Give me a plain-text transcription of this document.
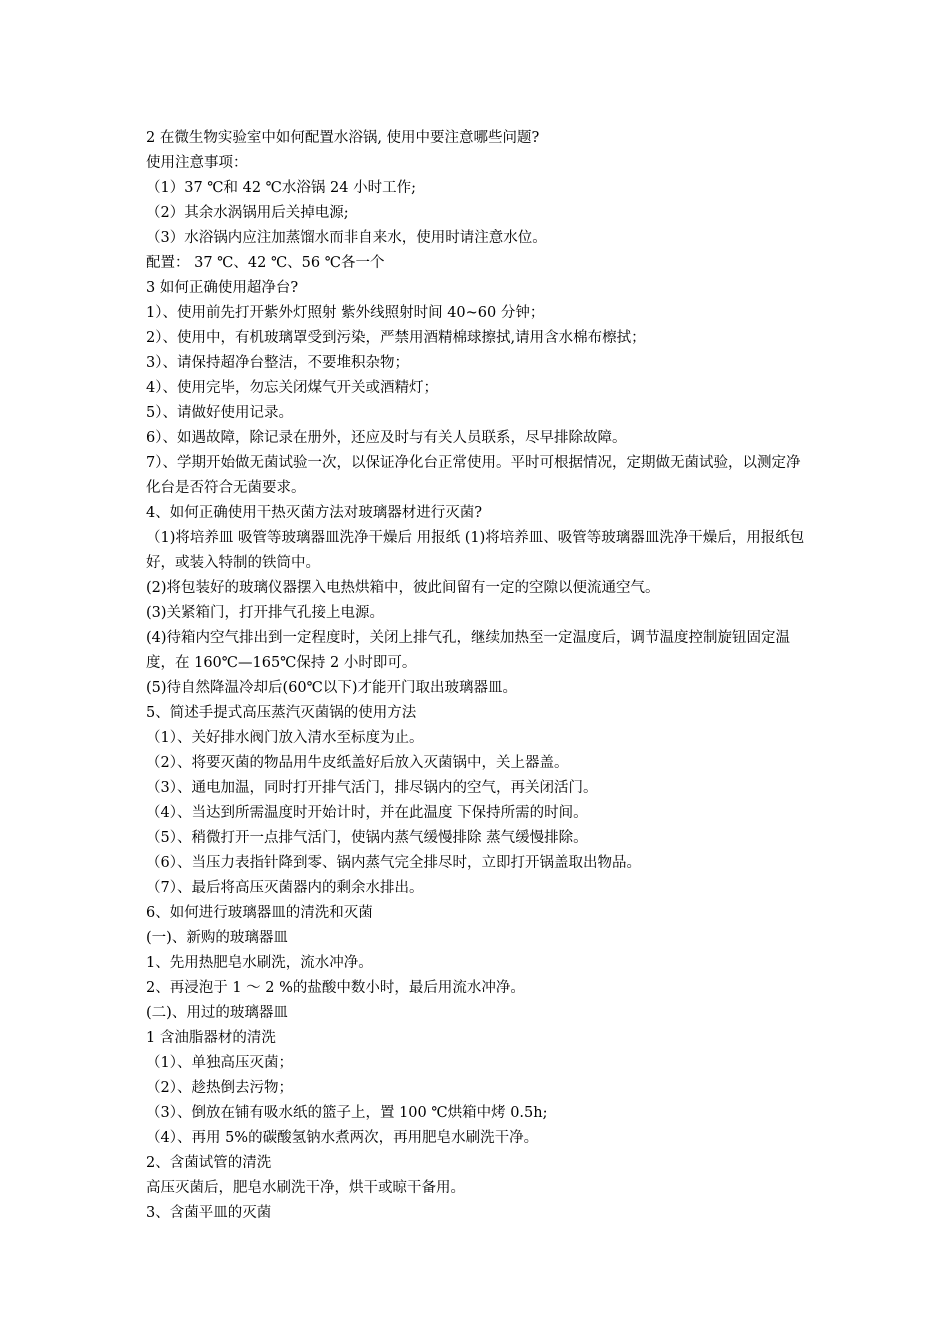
2 在微生物实验室中如何配置水浴锅, 使用中要注意哪些问题?
使用注意事项：
（1）37 ℃和 42 ℃水浴锅 24 小时工作;
（2）其余水涡锅用后关掉电源;
（3）水浴锅内应注加蒸馏水而非自来水，使用时请注意水位。
配置： 37 ℃、42 ℃、56 ℃各一个
3 如何正确使用超净台?
1）、使用前先打开紫外灯照射 紫外线照射时间 40~60 分钟；
2）、使用中，有机玻璃罩受到污染，严禁用酒精棉球擦拭,请用含水棉布檫拭；
3）、请保持超净台整洁，不要堆积杂物；
4）、使用完毕，勿忘关闭煤气开关或酒精灯；
5）、请做好使用记录。
6）、如遇故障，除记录在册外，还应及时与有关人员联系，尽早排除故障。
7）、学期开始做无菌试验一次，以保证净化台正常使用。平时可根据情况，定期做无菌试验，以测定净化台是否符合无菌要求。
4、如何正确使用干热灭菌方法对玻璃器材进行灭菌?
（1)将培养皿 吸管等玻璃器皿洗净干燥后 用报纸 (1)将培养皿、吸管等玻璃器皿洗净干燥后，用报纸包好，或装入特制的铁筒中。
(2)将包装好的玻璃仪器摆入电热烘箱中，彼此间留有一定的空隙以便流通空气。
(3)关紧箱门，打开排气孔接上电源。
(4)待箱内空气排出到一定程度时，关闭上排气孔，继续加热至一定温度后，调节温度控制旋钮固定温度，在 160℃—165℃保持 2 小时即可。
(5)待自然降温冷却后(60℃以下)才能开门取出玻璃器皿。
5、简述手提式高压蒸汽灭菌锅的使用方法
（1）、关好排水阀门放入清水至标度为止。
（2）、将要灭菌的物品用牛皮纸盖好后放入灭菌锅中，关上器盖。
（3）、通电加温，同时打开排气活门，排尽锅内的空气，再关闭活门。
（4）、当达到所需温度时开始计时，并在此温度 下保持所需的时间。
（5）、稍微打开一点排气活门，使锅内蒸气缓慢排除 蒸气缓慢排除。
（6）、当压力表指针降到零、锅内蒸气完全排尽时，立即打开锅盖取出物品。
（7）、最后将高压灭菌器内的剩余水排出。
6、如何进行玻璃器皿的清洗和灭菌
(一)、新购的玻璃器皿
1、先用热肥皂水刷洗，流水冲净。
2、再浸泡于 1 ～ 2 %的盐酸中数小时，最后用流水冲净。
(二)、用过的玻璃器皿
1 含油脂器材的清洗
（1）、单独高压灭菌；
（2）、趁热倒去污物；
（3）、倒放在铺有吸水纸的篮子上，置 100 ℃烘箱中烤 0.5h;
（4）、再用 5%的碳酸氢钠水煮两次，再用肥皂水刷洗干净。
2、含菌试管的清洗
高压灭菌后，肥皂水刷洗干净，烘干或晾干备用。
3、含菌平皿的灭菌
